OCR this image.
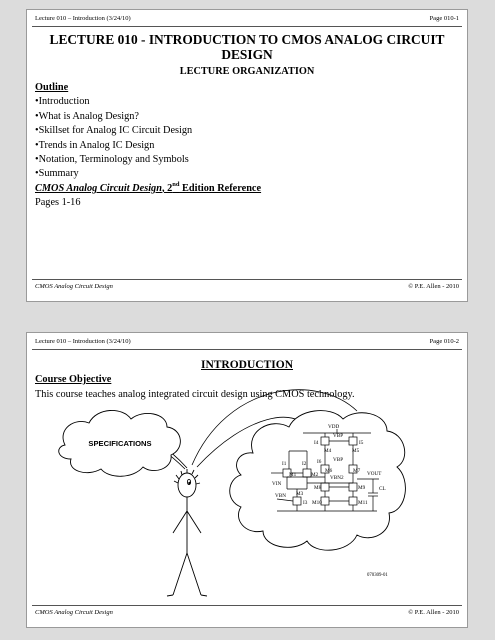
Lecture 010 – Introduction (3/24/10)	Page 010-1
LECTURE 010 - INTRODUCTION TO CMOS ANALOG CIRCUIT DESIGN
LECTURE ORGANIZATION
Outline
• Introduction
• What is Analog Design?
• Skillset for Analog IC Circuit Design
• Trends in Analog IC Design
• Notation, Terminology and Symbols
• Summary
CMOS Analog Circuit Design, 2nd Edition Reference
Pages 1-16
CMOS Analog Circuit Design	© P.E. Allen - 2010
Lecture 010 – Introduction (3/24/10)	Page 010-2
INTRODUCTION
Course Objective
This course teaches analog integrated circuit design using CMOS technology.
SPECIFICATIONS
VDD
VBP
I4	I5
M4	M5
I1	I2
VBP
I6
M1	M2
M6	M7
VBN2
VOUT
VIN
M8	M9	CL
M3
VBN
I3 M10	M11
070309-01
CMOS Analog Circuit Design	© P.E. Allen - 2010
